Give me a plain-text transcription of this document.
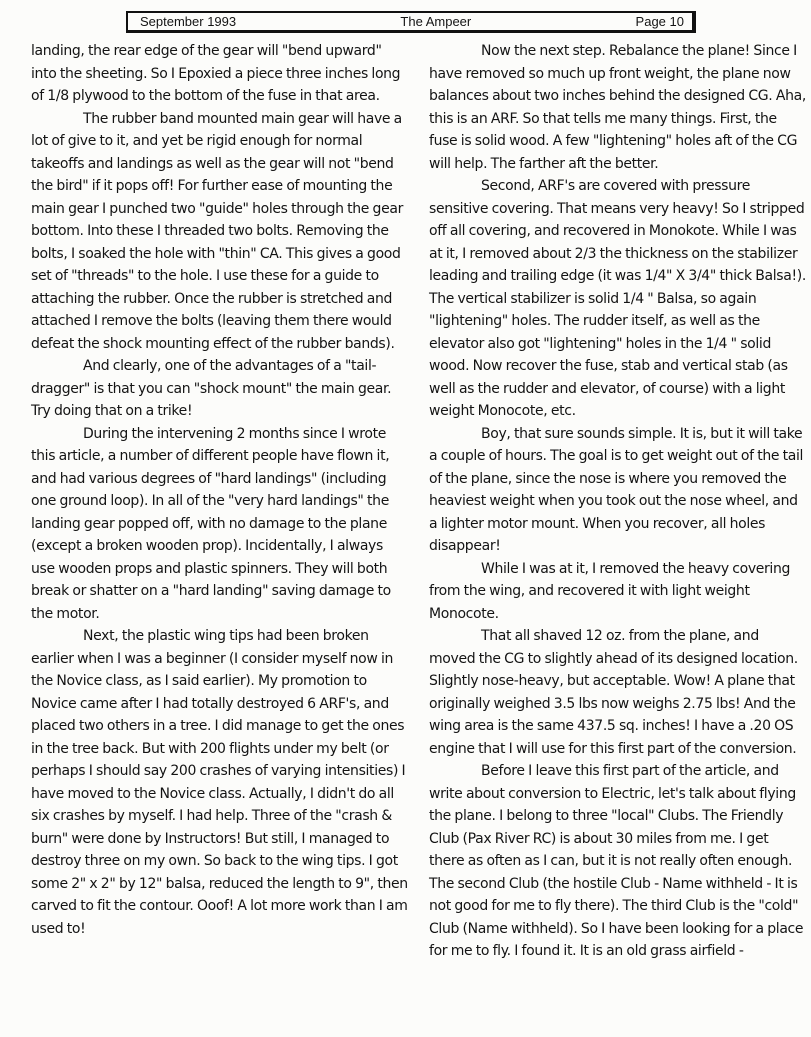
September 1993	The Ampeer	Page 10

landing, the rear edge of the gear will "bend upward" into the sheeting. So I Epoxied a piece three inches long of 1/8 plywood to the bottom of the fuse in that area.

The rubber band mounted main gear will have a lot of give to it, and yet be rigid enough for normal takeoffs and landings as well as the gear will not "bend the bird" if it pops off! For further ease of mounting the main gear I punched two "guide" holes through the gear bottom. Into these I threaded two bolts. Removing the bolts, I soaked the hole with "thin" CA. This gives a good set of "threads" to the hole. I use these for a guide to attaching the rubber. Once the rubber is stretched and attached I remove the bolts (leaving them there would defeat the shock mounting effect of the rubber bands).

And clearly, one of the advantages of a "tail-dragger" is that you can "shock mount" the main gear. Try doing that on a trike!

During the intervening 2 months since I wrote this article, a number of different people have flown it, and had various degrees of "hard landings" (including one ground loop). In all of the "very hard landings" the landing gear popped off, with no damage to the plane (except a broken wooden prop). Incidentally, I always use wooden props and plastic spinners. They will both break or shatter on a "hard landing" saving damage to the motor.

Next, the plastic wing tips had been broken earlier when I was a beginner (I consider myself now in the Novice class, as I said earlier). My promotion to Novice came after I had totally destroyed 6 ARF's, and placed two others in a tree. I did manage to get the ones in the tree back. But with 200 flights under my belt (or perhaps I should say 200 crashes of varying intensities) I have moved to the Novice class. Actually, I didn't do all six crashes by myself. I had help. Three of the "crash & burn" were done by Instructors! But still, I managed to destroy three on my own. So back to the wing tips. I got some 2" x 2" by 12" balsa, reduced the length to 9", then carved to fit the contour. Ooof! A lot more work than I am used to!

Now the next step. Rebalance the plane! Since I have removed so much up front weight, the plane now balances about two inches behind the designed CG. Aha, this is an ARF. So that tells me many things. First, the fuse is solid wood. A few "lightening" holes aft of the CG will help. The farther aft the better.

Second, ARF's are covered with pressure sensitive covering. That means very heavy! So I stripped off all covering, and recovered in Monokote. While I was at it, I removed about 2/3 the thickness on the stabilizer leading and trailing edge (it was 1/4" X 3/4" thick Balsa!). The vertical stabilizer is solid 1/4 " Balsa, so again "lightening" holes. The rudder itself, as well as the elevator also got "lightening" holes in the 1/4 " solid wood. Now recover the fuse, stab and vertical stab (as well as the rudder and elevator, of course) with a light weight Monocote, etc.

Boy, that sure sounds simple. It is, but it will take a couple of hours. The goal is to get weight out of the tail of the plane, since the nose is where you removed the heaviest weight when you took out the nose wheel, and a lighter motor mount. When you recover, all holes disappear!

While I was at it, I removed the heavy covering from the wing, and recovered it with light weight Monocote.

That all shaved 12 oz. from the plane, and moved the CG to slightly ahead of its designed location. Slightly nose-heavy, but acceptable. Wow! A plane that originally weighed 3.5 lbs now weighs 2.75 lbs! And the wing area is the same 437.5 sq. inches! I have a .20 OS engine that I will use for this first part of the conversion.

Before I leave this first part of the article, and write about conversion to Electric, let's talk about flying the plane. I belong to three "local" Clubs. The Friendly Club (Pax River RC) is about 30 miles from me. I get there as often as I can, but it is not really often enough. The second Club (the hostile Club - Name withheld - It is not good for me to fly there). The third Club is the "cold" Club (Name withheld). So I have been looking for a place for me to fly. I found it. It is an old grass airfield -
